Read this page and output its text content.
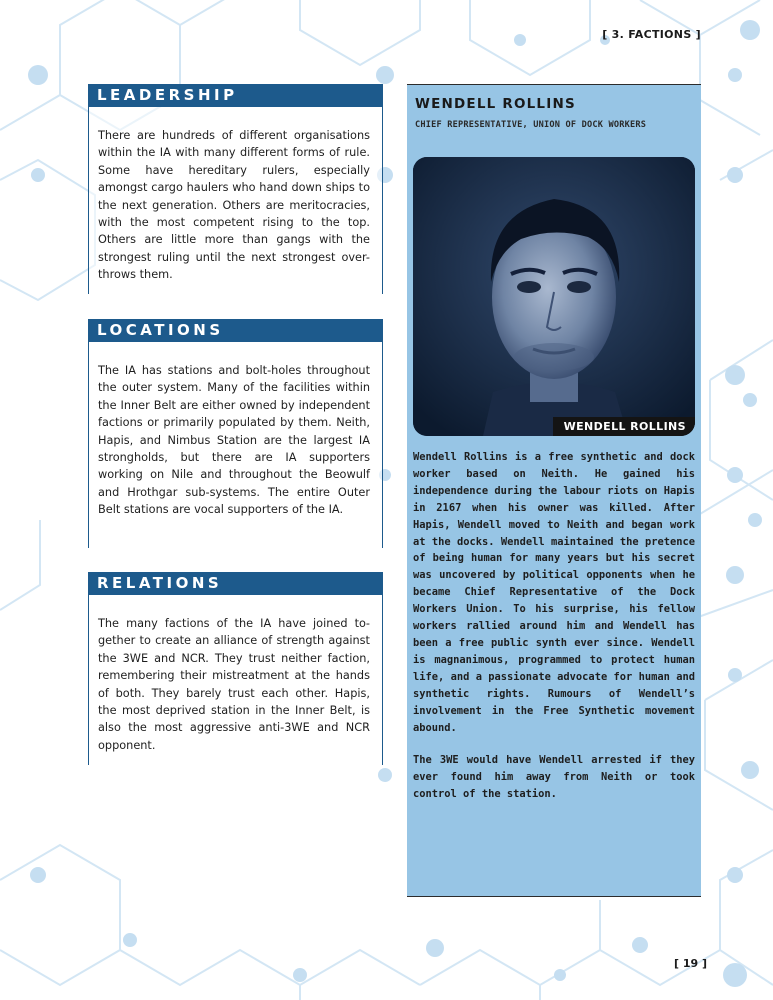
[ 3. FACTIONS ]
LEADERSHIP
There are hundreds of different organisations within the IA with many different forms of rule. Some have hereditary rulers, especially amongst cargo haulers who hand down ships to the next generation. Others are meritocracies, with the most competent rising to the top. Others are little more than gangs with the strongest ruling until the next strongest over-throws them.
LOCATIONS
The IA has stations and bolt-holes throughout the outer system. Many of the facilities within the Inner Belt are either owned by independent factions or primarily populated by them. Neith, Hapis, and Nimbus Station are the largest IA strongholds, but there are IA supporters working on Nile and throughout the Beowulf and Hrothgar sub-systems. The entire Outer Belt stations are vocal supporters of the IA.
RELATIONS
The many factions of the IA have joined together to create an alliance of strength against the 3WE and NCR. They trust neither faction, remembering their mistreatment at the hands of both. They barely trust each other. Hapis, the most deprived station in the Inner Belt, is also the most aggressive anti-3WE and NCR opponent.
WENDELL ROLLINS
CHIEF REPRESENTATIVE, UNION OF DOCK WORKERS
WENDELL ROLLINS

Wendell Rollins is a free synthetic and dock worker based on Neith. He gained his independence during the labour riots on Hapis in 2167 when his owner was killed. After Hapis, Wendell moved to Neith and began work at the docks. Wendell maintained the pretence of being human for many years but his secret was uncovered by political opponents when he became Chief Representative of the Dock Workers Union. To his surprise, his fellow workers rallied around him and Wendell has been a free public synth ever since. Wendell is magnanimous, programmed to protect human life, and a passionate advocate for human and synthetic rights. Rumours of Wendell’s involvement in the Free Synthetic movement abound.

The 3WE would have Wendell arrested if they ever found him away from Neith or took control of the station.

[ 19 ]
